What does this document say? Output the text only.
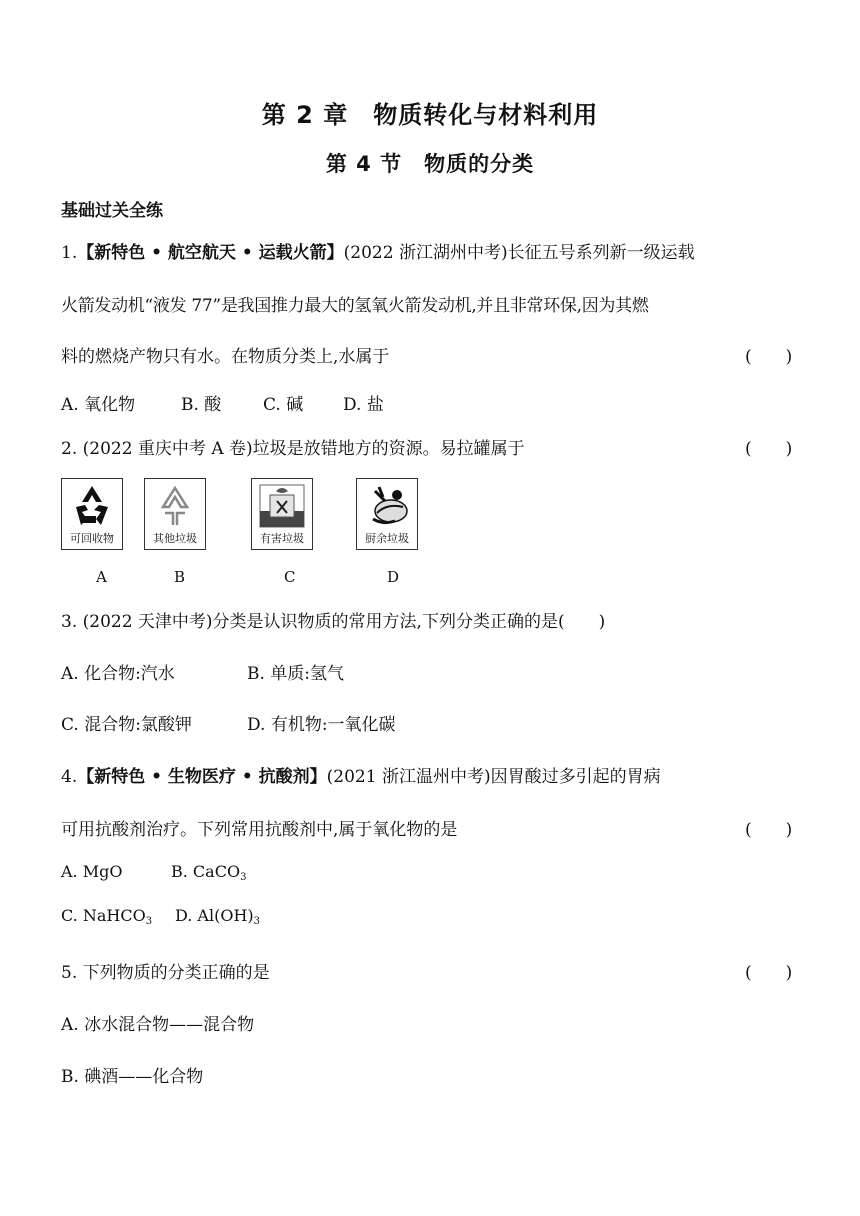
第 2 章　物质转化与材料利用
第 4 节　物质的分类
基础过关全练
1.【新特色 • 航空航天 • 运载火箭】(2022 浙江湖州中考)长征五号系列新一级运载
火箭发动机“液发 77”是我国推力最大的氢氧火箭发动机,并且非常环保,因为其燃
料的燃烧产物只有水。在物质分类上,水属于	(　　)
A. 氧化物	B. 酸 C. 碱 D. 盐
2. (2022 重庆中考 A 卷)垃圾是放错地方的资源。易拉罐属于	(　　)
可回收物	其他垃圾	有害垃圾	厨余垃圾
A	B	C	D
3. (2022 天津中考)分类是认识物质的常用方法,下列分类正确的是(　　)
A. 化合物:汽水	B. 单质:氢气
C. 混合物:氯酸钾	D. 有机物:一氧化碳
4.【新特色 • 生物医疗 • 抗酸剂】(2021 浙江温州中考)因胃酸过多引起的胃病
可用抗酸剂治疗。下列常用抗酸剂中,属于氧化物的是	(　　)
A. MgO	B. CaCO$_3$
C. NaHCO$_3$ D. $Al(OH)_3$
5. 下列物质的分类正确的是	(　　)
A. 冰水混合物——混合物
B. 碘酒——化合物
